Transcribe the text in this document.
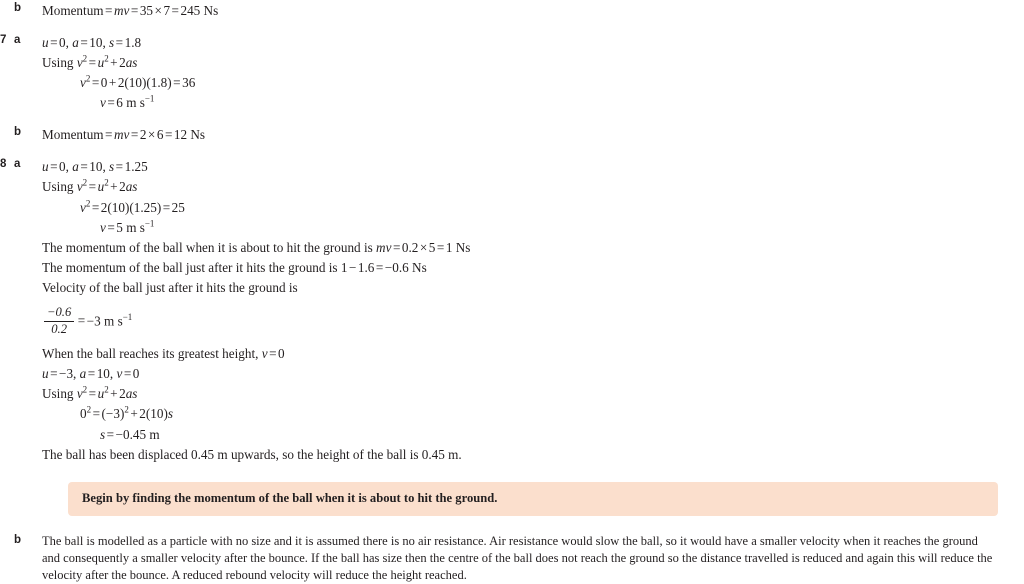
b	Momentum = mv = 35 × 7 = 245 Ns
7 a	u = 0, a = 10, s = 1.8
Using $v^2 = u^2 + 2as$
$v^2 = 0 + 2(10)(1.8) = 36$
v = 6 m $s^{-1}$
b	Momentum = mv = 2 × 6 = 12 Ns
8 a	u = 0, a = 10, s = 1.25
Using $v^2 = u^2 + 2as$
$v^2 = 2(10)(1.25) = 25$
v = 5 m $s^{-1}$
The momentum of the ball when it is about to hit the ground is mv = 0.2 × 5 = 1 Ns
The momentum of the ball just after it hits the ground is 1 − 1.6 = −0.6 Ns
Velocity of the ball just after it hits the ground is
$\frac{-0.6}{0.2} = -3$ m $s^{-1}$
When the ball reaches its greatest height, v = 0
u = −3, a = 10, v = 0
Using $v^2 = u^2 + 2as$
$0^2 = (-3)^2 + 2(10)s$
s = −0.45 m
The ball has been displaced 0.45 m upwards, so the height of the ball is 0.45 m.
Begin by finding the momentum of the ball when it is about to hit the ground.
b	The ball is modelled as a particle with no size and it is assumed there is no air resistance. Air resistance would slow the ball, so it would have a smaller velocity when it reaches the ground and consequently a smaller velocity after the bounce. If the ball has size then the centre of the ball does not reach the ground so the distance travelled is reduced and again this will reduce the velocity after the bounce. A reduced rebound velocity will reduce the height reached.
